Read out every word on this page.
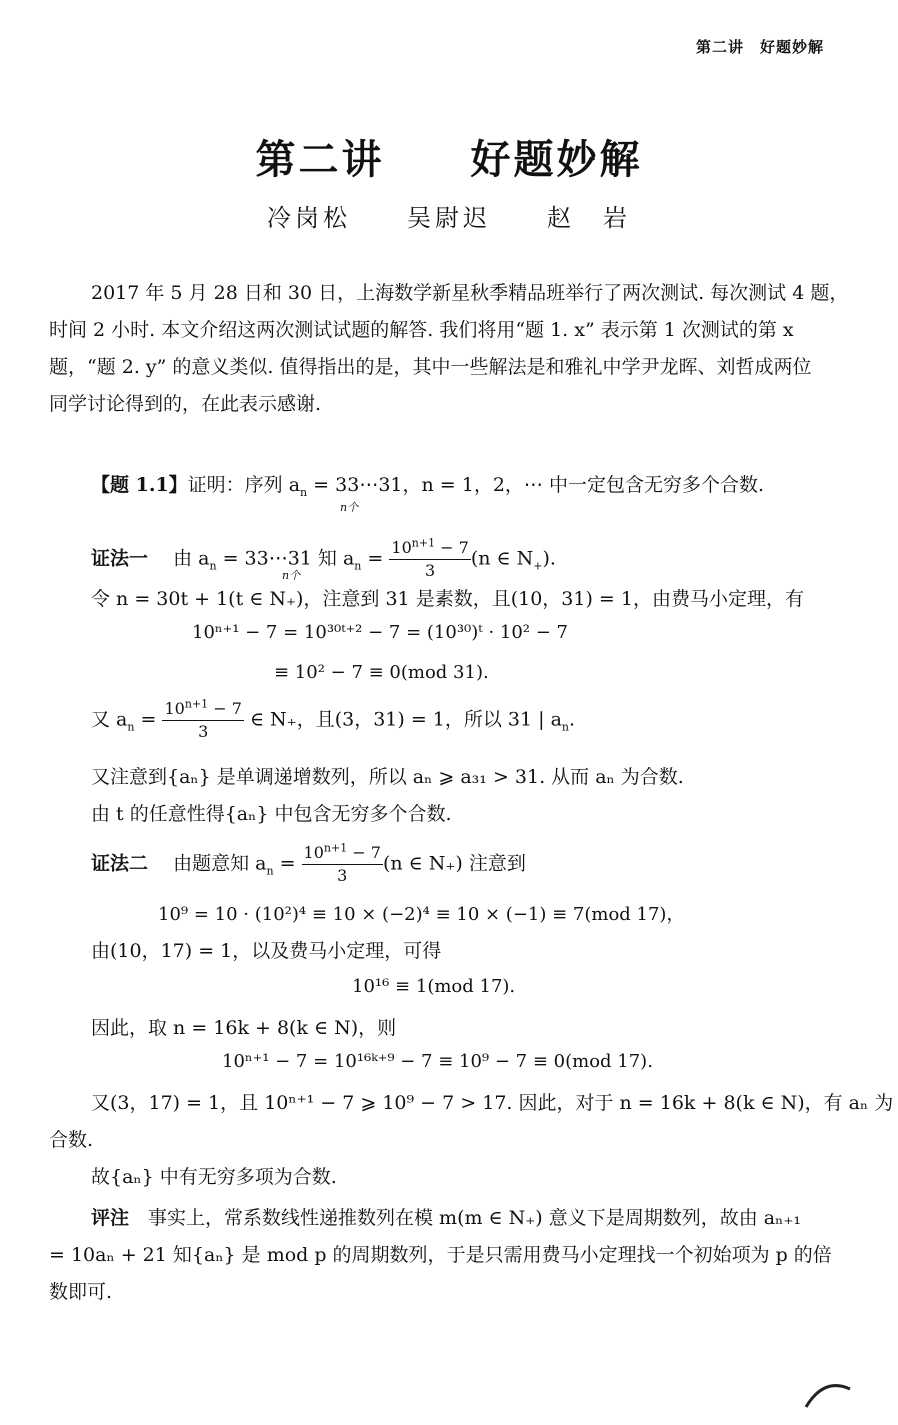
第二讲　好题妙解
第二讲　　好题妙解
冷岗松　　吴尉迟　　赵　岩
2017 年 5 月 28 日和 30 日，上海数学新星秋季精品班举行了两次测试. 每次测试 4 题，
时间 2 小时. 本文介绍这两次测试试题的解答. 我们将用“题 1. x” 表示第 1 次测试的第 x
题，“题 2. y” 的意义类似. 值得指出的是，其中一些解法是和雅礼中学尹龙晖、刘哲成两位
同学讨论得到的，在此表示感谢.
【题 1.1】证明：序列 $a_n$ = 33⋯31，n = 1，2，⋯ 中一定包含无穷多个合数.
n个
证法一  由 $a_n$ = 33⋯31 知 $a_n = \frac{10^{n+1} - 7}{3} (n$ ∈ $N_+$).
n个
令 n = 30t + 1(t ∈ N₊)，注意到 31 是素数，且(10，31) = 1，由费马小定理，有
10ⁿ⁺¹ − 7 = 10³⁰ᵗ⁺² − 7 = (10³⁰)ᵗ · 10² − 7
≡ 10² − 7 ≡ 0(mod 31).
又 $a_n = \frac{10^{n+1} - 7}{3}$ ∈ N₊，且(3，31) = 1，所以 31 | $a_n$.
又注意到{aₙ} 是单调递增数列，所以 aₙ ⩾ a₃₁ > 31. 从而 aₙ 为合数.
由 t 的任意性得{aₙ} 中包含无穷多个合数.
证法二  由题意知 $a_n = \frac{10^{n+1} - 7}{3} (n$ ∈ N₊) 注意到
10⁹ = 10 · (10²)⁴ ≡ 10 × (−2)⁴ ≡ 10 × (−1) ≡ 7(mod 17)，
由(10，17) = 1，以及费马小定理，可得
10¹⁶ ≡ 1(mod 17).
因此，取 n = 16k + 8(k ∈ N)，则
10ⁿ⁺¹ − 7 = 10¹⁶ᵏ⁺⁹ − 7 ≡ 10⁹ − 7 ≡ 0(mod 17).
又(3，17) = 1，且 10ⁿ⁺¹ − 7 ⩾ 10⁹ − 7 > 17. 因此，对于 n = 16k + 8(k ∈ N)，有 aₙ 为
合数.
故{aₙ} 中有无穷多项为合数.
评注  事实上，常系数线性递推数列在模 m(m ∈ N₊) 意义下是周期数列，故由 aₙ₊₁
= 10aₙ + 21 知{aₙ} 是 mod p 的周期数列，于是只需用费马小定理找一个初始项为 p 的倍
数即可.
